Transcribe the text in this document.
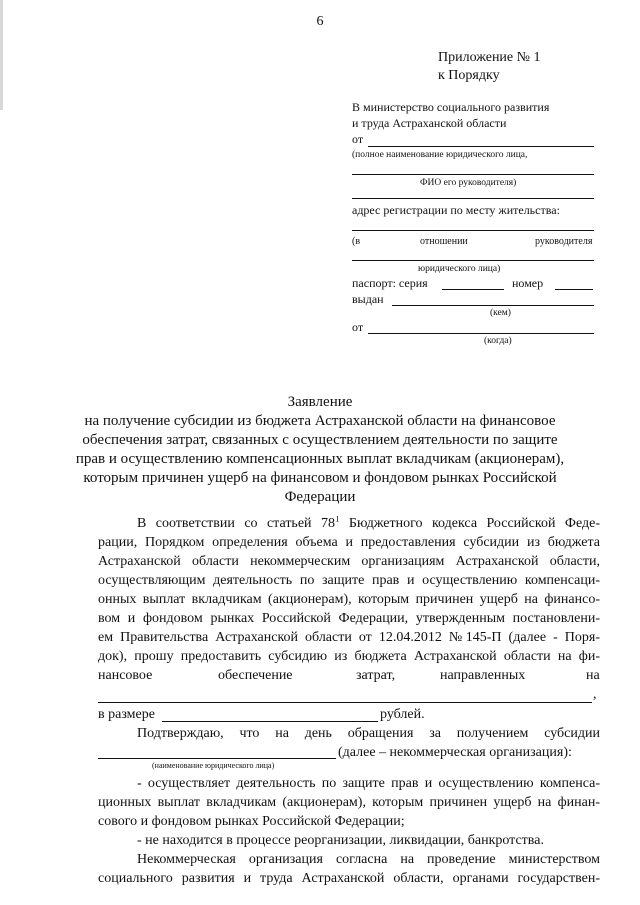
6
Приложение № 1
к Порядку
В министерство социального развития
и труда Астраханской области
от
(полное наименование юридического лица,
ФИО его руководителя)
адрес регистрации по месту жительства:
(в	отношении	руководителя
юридического лица)
паспорт: серия	номер
выдан
(кем)
от
(когда)
Заявление
на получение субсидии из бюджета Астраханской области на финансовое
обеспечения затрат, связанных с осуществлением деятельности по защите
прав и осуществлению компенсационных выплат вкладчикам (акционерам),
которым причинен ущерб на финансовом и фондовом рынках Российской
Федерации
В соответствии со статьей $78^1$ Бюджетного кодекса Российской Феде-
рации, Порядком определения объема и предоставления субсидии из бюджета
Астраханской области некоммерческим организациям Астраханской области,
осуществляющим деятельность по защите прав и осуществлению компенсаци-
онных выплат вкладчикам (акционерам), которым причинен ущерб на финансо-
вом и фондовом рынках Российской Федерации, утвержденным постановлени-
ем Правительства Астраханской области от 12.04.2012 №145-П (далее - Поря-
док), прошу предоставить субсидию из бюджета Астраханской области на фи-
нансовое	обеспечение	затрат,	направленных	на
,
в размере	рублей.
Подтверждаю, что на день обращения за получением субсидии
(далее – некоммерческая организация):
(наименование юридического лица)
- осуществляет деятельность по защите прав и осуществлению компенса-
ционных выплат вкладчикам (акционерам), которым причинен ущерб на финан-
сового и фондовом рынках Российской Федерации;
- не находится в процессе реорганизации, ликвидации, банкротства.
Некоммерческая организация согласна на проведение министерством
социального развития и труда Астраханской области, органами государствен-
